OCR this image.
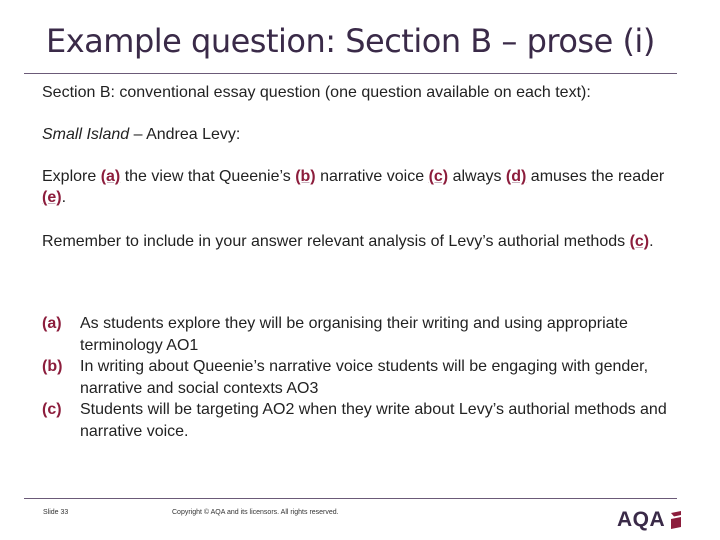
Example question: Section B – prose (i)
Section B: conventional essay question (one question available on each text):
Small Island – Andrea Levy:
Explore (a) the view that Queenie’s (b) narrative voice (c) always (d) amuses the reader (e).
Remember to include in your answer relevant analysis of Levy’s authorial methods (c).
(a)	As students explore they will be organising their writing and using appropriate terminology AO1
(b)	In writing about Queenie’s narrative voice students will be engaging with gender, narrative and social contexts AO3
(c)	Students will be targeting AO2 when they write about Levy’s authorial methods and narrative voice.
Slide 33	Copyright © AQA and its licensors. All rights reserved.	AQA
